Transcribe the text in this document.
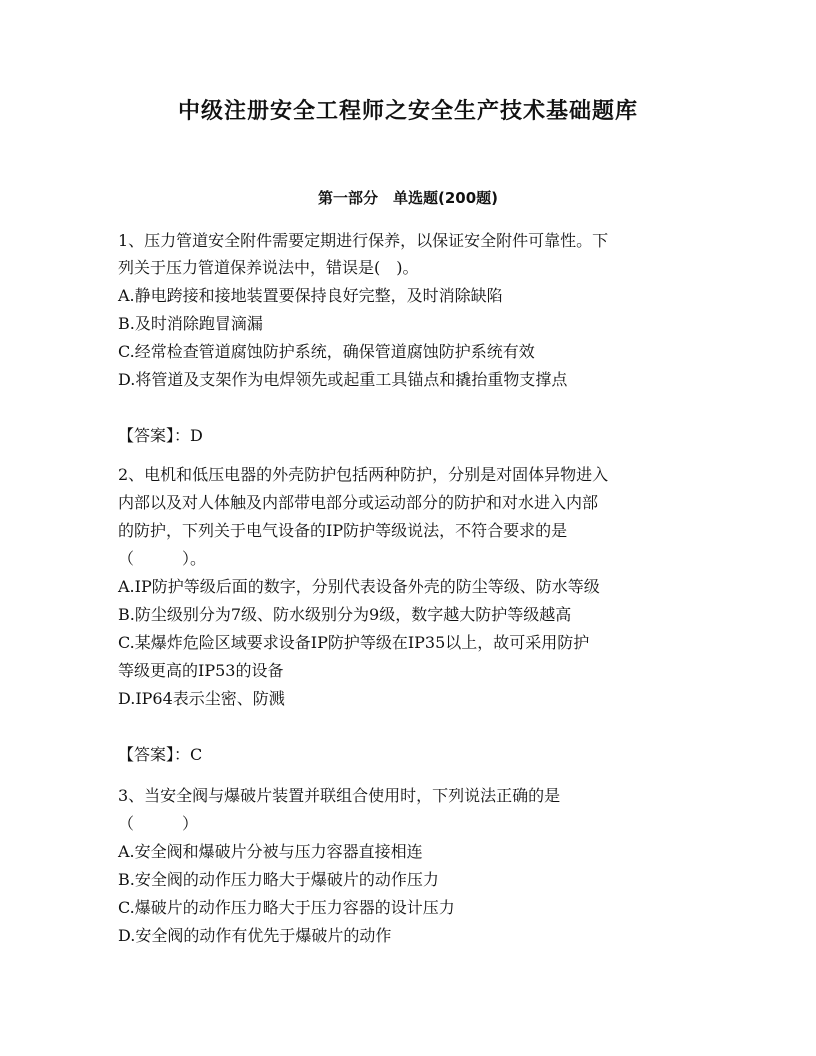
中级注册安全工程师之安全生产技术基础题库
第一部分　单选题(200题)
1、压力管道安全附件需要定期进行保养，以保证安全附件可靠性。下
列关于压力管道保养说法中，错误是(　)。
A.静电跨接和接地装置要保持良好完整，及时消除缺陷
B.及时消除跑冒滴漏
C.经常检查管道腐蚀防护系统，确保管道腐蚀防护系统有效
D.将管道及支架作为电焊领先或起重工具锚点和撬抬重物支撑点
【答案】：D
2、电机和低压电器的外壳防护包括两种防护，分别是对固体异物进入
内部以及对人体触及内部带电部分或运动部分的防护和对水进入内部
的防护，下列关于电气设备的IP防护等级说法，不符合要求的是
（　　　）。
A.IP防护等级后面的数字，分别代表设备外壳的防尘等级、防水等级
B.防尘级别分为7级、防水级别分为9级，数字越大防护等级越高
C.某爆炸危险区域要求设备IP防护等级在IP35以上，故可采用防护
等级更高的IP53的设备
D.IP64表示尘密、防溅
【答案】：C
3、当安全阀与爆破片装置并联组合使用时，下列说法正确的是
（　　　）
A.安全阀和爆破片分被与压力容器直接相连
B.安全阀的动作压力略大于爆破片的动作压力
C.爆破片的动作压力略大于压力容器的设计压力
D.安全阀的动作有优先于爆破片的动作
